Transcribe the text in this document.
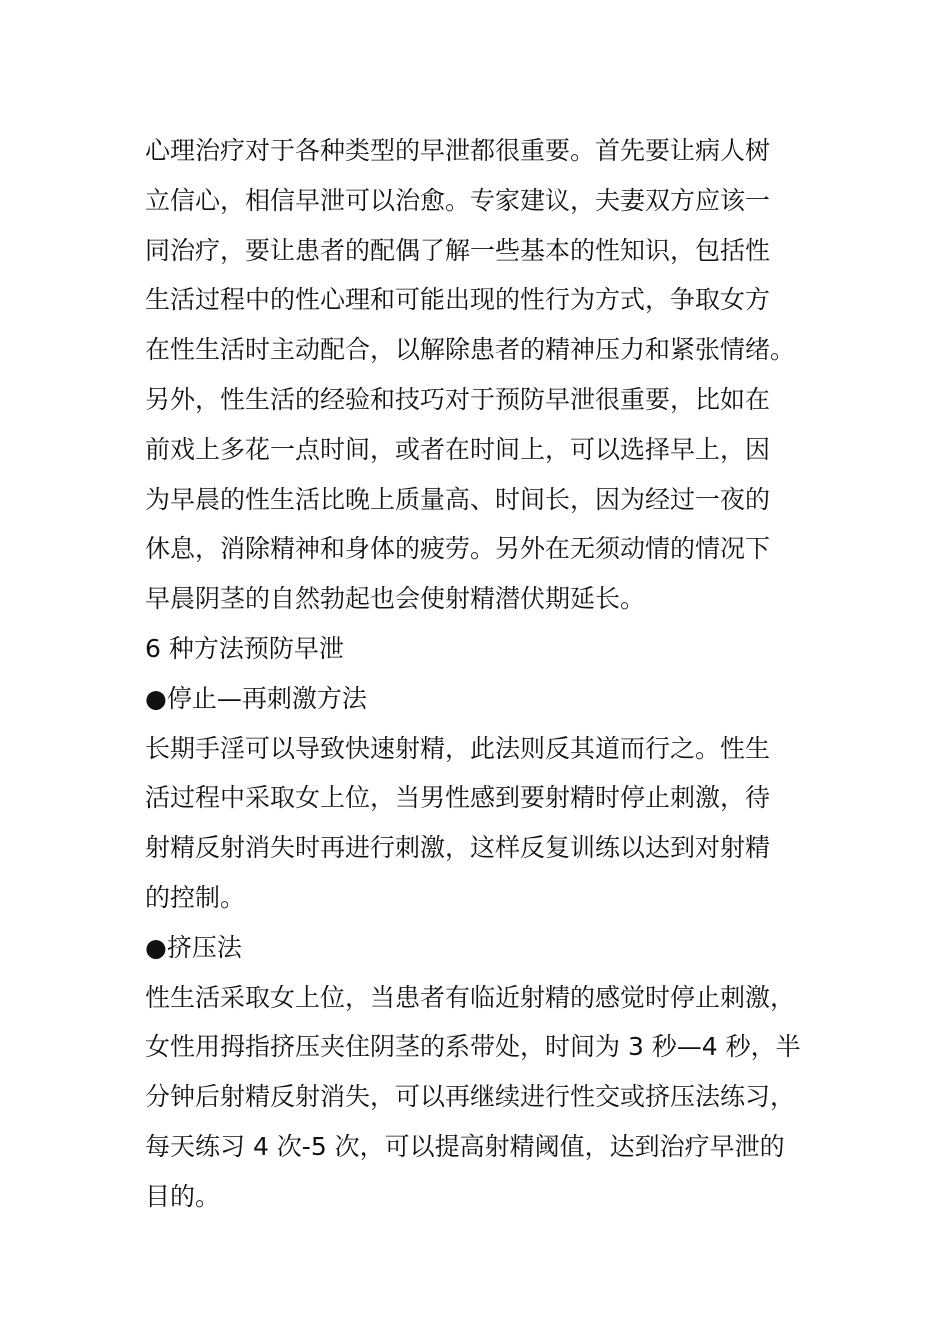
心理治疗对于各种类型的早泄都很重要。首先要让病人树
立信心，相信早泄可以治愈。专家建议，夫妻双方应该一
同治疗，要让患者的配偶了解一些基本的性知识，包括性
生活过程中的性心理和可能出现的性行为方式，争取女方
在性生活时主动配合，以解除患者的精神压力和紧张情绪。
另外，性生活的经验和技巧对于预防早泄很重要，比如在
前戏上多花一点时间，或者在时间上，可以选择早上，因
为早晨的性生活比晚上质量高、时间长，因为经过一夜的
休息，消除精神和身体的疲劳。另外在无须动情的情况下
早晨阴茎的自然勃起也会使射精潜伏期延长。
6 种方法预防早泄
●停止—再刺激方法
长期手淫可以导致快速射精，此法则反其道而行之。性生
活过程中采取女上位，当男性感到要射精时停止刺激，待
射精反射消失时再进行刺激，这样反复训练以达到对射精
的控制。
●挤压法
性生活采取女上位，当患者有临近射精的感觉时停止刺激，
女性用拇指挤压夹住阴茎的系带处，时间为 3 秒—4 秒，半
分钟后射精反射消失，可以再继续进行性交或挤压法练习，
每天练习 4 次-5 次，可以提高射精阈值，达到治疗早泄的
目的。
